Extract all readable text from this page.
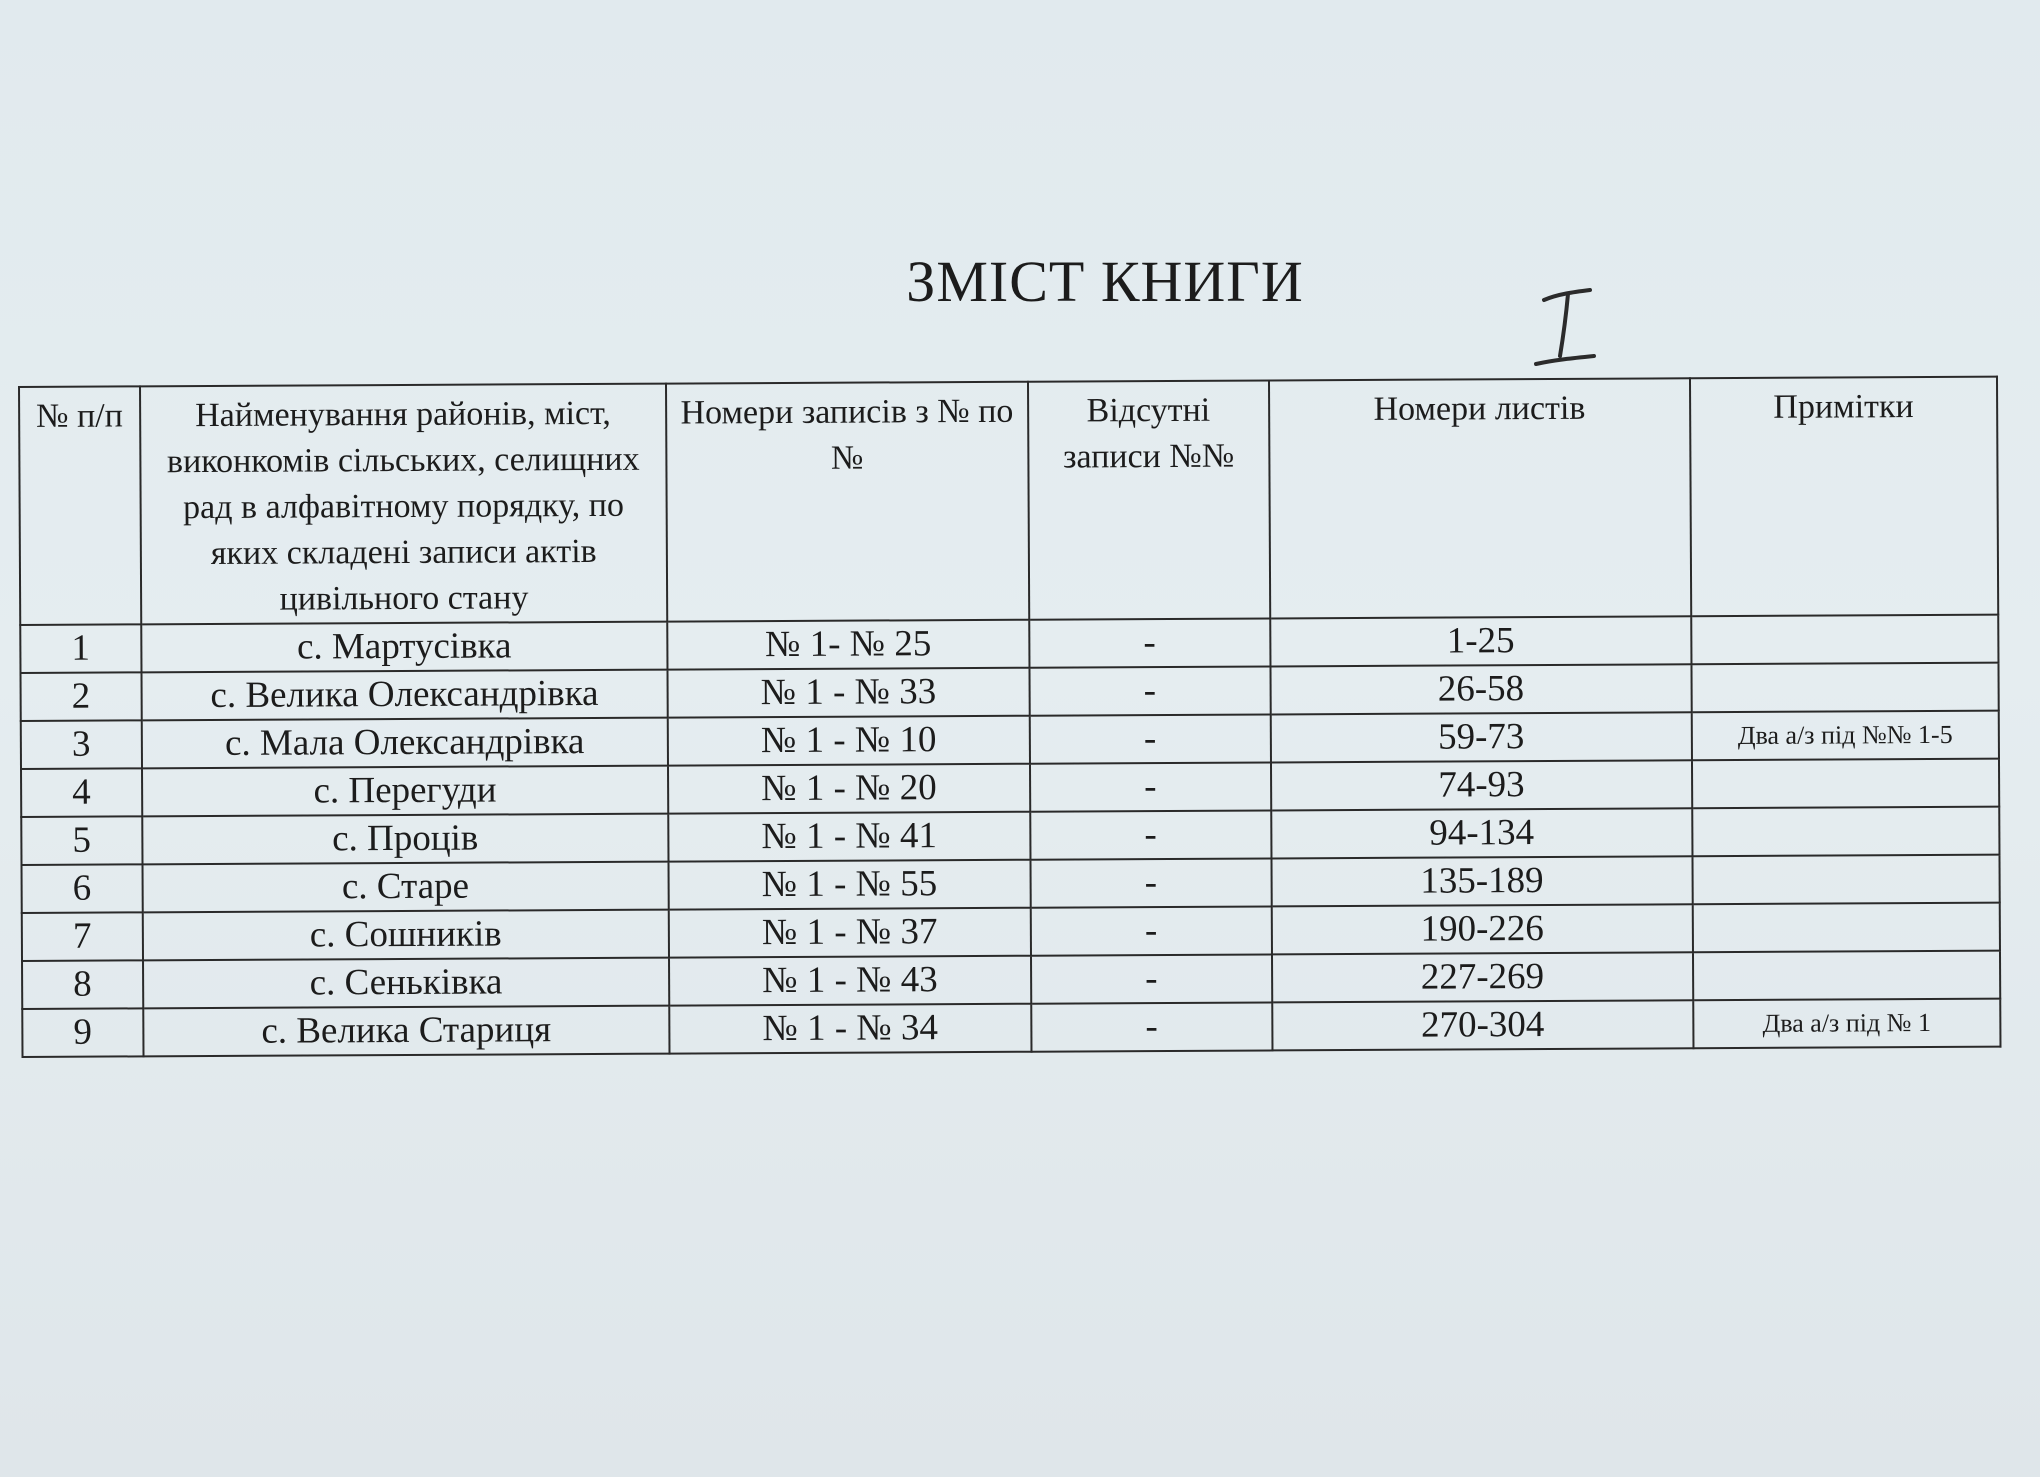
ЗМІСТ КНИГИ
№ п/п	Найменування районів, міст, виконкомів сільських, селищних рад в алфавітному порядку, по яких складені записи актів цивільного стану	Номери записів з № по №	Відсутні записи №№	Номери листів	Примітки
1	с. Мартусівка	№ 1- № 25	-	1-25	
2	с. Велика Олександрівка	№ 1 - № 33	-	26-58	
3	с. Мала Олександрівка	№ 1 - № 10	-	59-73	Два а/з під №№ 1-5
4	с. Перегуди	№ 1 - № 20	-	74-93	
5	с. Проців	№ 1 - № 41	-	94-134	
6	с. Старе	№ 1 - № 55	-	135-189	
7	с. Сошників	№ 1 - № 37	-	190-226	
8	с. Сеньківка	№ 1 - № 43	-	227-269	
9	с. Велика Стариця	№ 1 - № 34	-	270-304	Два а/з під № 1
